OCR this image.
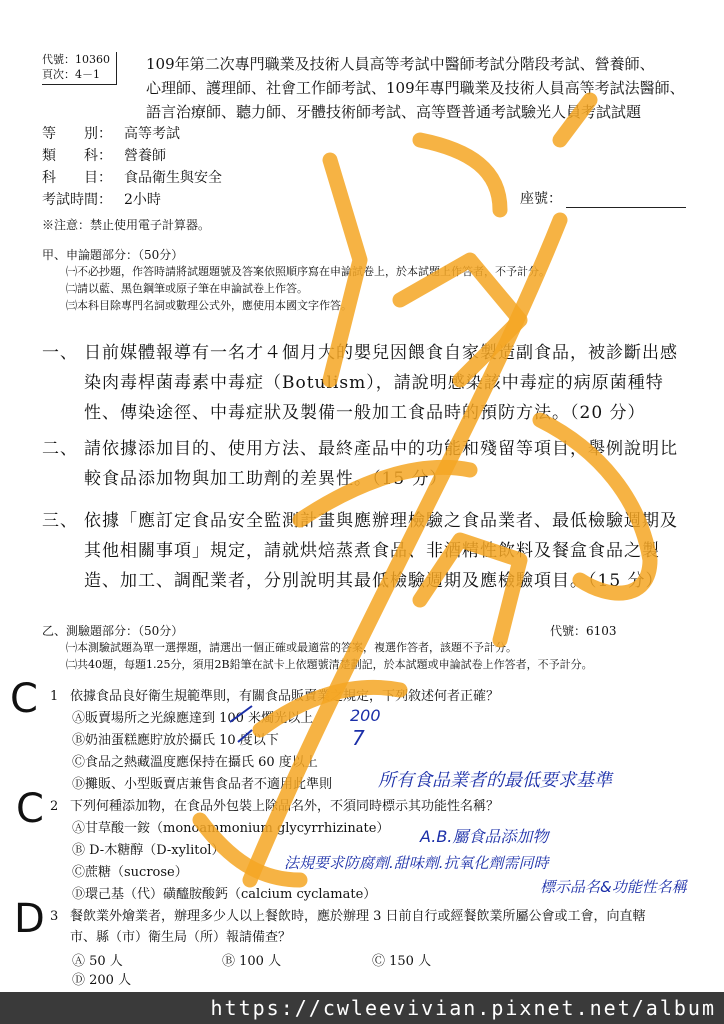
代號：10360
頁次：4－1
109年第二次專門職業及技術人員高等考試中醫師考試分階段考試、營養師、
心理師、護理師、社會工作師考試、109年專門職業及技術人員高等考試法醫師、
語言治療師、聽力師、牙體技術師考試、高等暨普通考試驗光人員考試試題
等　　別： 高等考試
類　　科： 營養師
科　　目： 食品衛生與安全
考試時間： 2小時	座號：
※注意：禁止使用電子計算器。
甲、申論題部分：（50分）
㈠不必抄題，作答時請將試題題號及答案依照順序寫在申論試卷上，於本試題上作答者，不予計分。
㈡請以藍、黑色鋼筆或原子筆在申論試卷上作答。
㈢本科目除專門名詞或數理公式外，應使用本國文字作答。
一、 日前媒體報導有一名才４個月大的嬰兒因餵食自家製造副食品，被診斷出感染肉毒桿菌毒素中毒症（Botulism），請說明感染該中毒症的病原菌種特性、傳染途徑、中毒症狀及製備一般加工食品時的預防方法。（20 分）
二、 請依據添加目的、使用方法、最終產品中的功能和殘留等項目，舉例說明比較食品添加物與加工助劑的差異性。（15 分）
三、 依據「應訂定食品安全監測計畫與應辦理檢驗之食品業者、最低檢驗週期及其他相關事項」規定，請就烘焙蒸煮食品、非酒精性飲料及餐盒食品之製造、加工、調配業者，分別說明其最低檢驗週期及應檢驗項目。（15 分）
乙、測驗題部分：（50分）	代號：6103
㈠本測驗試題為單一選擇題，請選出一個正確或最適當的答案，複選作答者，該題不予計分。
㈡共40題，每題1.25分，須用2B鉛筆在試卡上依題號清楚劃記，於本試題或申論試卷上作答者，不予計分。
1 依據食品良好衛生規範準則，有關食品販賣業之規定，下列敘述何者正確？
Ⓐ販賣場所之光線應達到 100 米燭光以上
Ⓑ奶油蛋糕應貯放於攝氏 10 度以下
Ⓒ食品之熱藏溫度應保持在攝氏 60 度以上
Ⓓ攤販、小型販賣店兼售食品者不適用此準則
2 下列何種添加物，在食品外包裝上除品名外，不須同時標示其功能性名稱？
Ⓐ甘草酸一銨（monoammonium glycyrrhizinate）
Ⓑ D-木糖醇（D-xylitol）
Ⓒ蔗糖（sucrose）
Ⓓ環己基（代）磺醯胺酸鈣（calcium cyclamate）
3 餐飲業外燴業者，辦理多少人以上餐飲時，應於辦理 3 日前自行或經餐飲業所屬公會或工會，向直轄市、縣（市）衛生局（所）報請備查？
Ⓐ 50 人	Ⓑ 100 人	Ⓒ 150 人Ⓓ 200 人
C
C
D
200
7
所有食品業者的最低要求基準
A.B.屬食品添加物
法規要求防腐劑.甜味劑.抗氧化劑需同時
標示品名&功能性名稱
https://cwleevivian.pixnet.net/album
